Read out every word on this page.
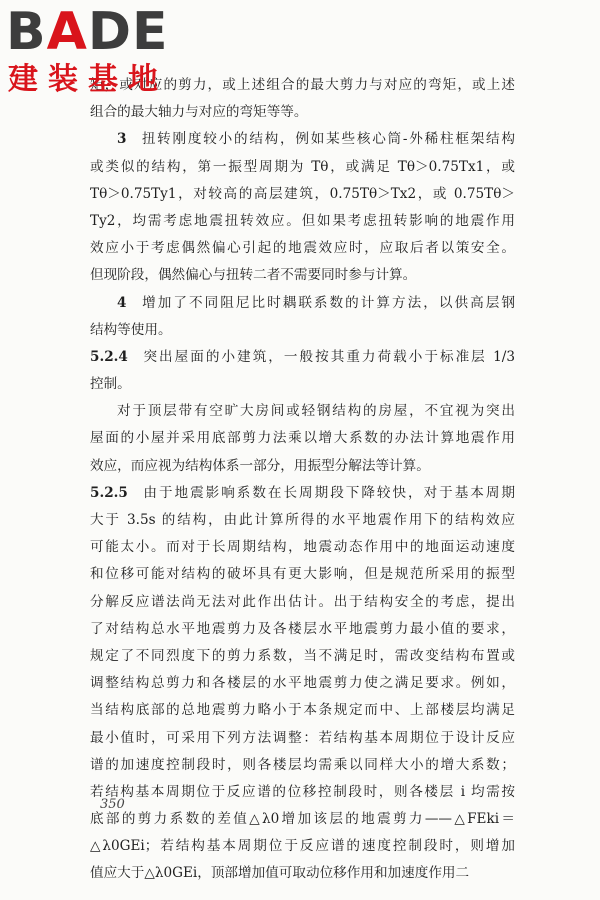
BADE
建装基地
矩，或对应的剪力，或上述组合的最大剪力与对应的弯矩，或上述
组合的最大轴力与对应的弯矩等等。
3  扭转刚度较小的结构，例如某些核心筒-外稀柱框架结构
或类似的结构，第一振型周期为 Tθ，或满足 Tθ＞0.75Tx1，或
Tθ＞0.75Ty1，对较高的高层建筑，0.75Tθ＞Tx2，或 0.75Tθ＞
Ty2，均需考虑地震扭转效应。但如果考虑扭转影响的地震作用
效应小于考虑偶然偏心引起的地震效应时，应取后者以策安全。
但现阶段，偶然偏心与扭转二者不需要同时参与计算。
4  增加了不同阻尼比时耦联系数的计算方法，以供高层钢
结构等使用。
5.2.4  突出屋面的小建筑，一般按其重力荷载小于标准层 1/3
控制。
对于顶层带有空旷大房间或轻钢结构的房屋，不宜视为突出
屋面的小屋并采用底部剪力法乘以增大系数的办法计算地震作用
效应，而应视为结构体系一部分，用振型分解法等计算。
5.2.5  由于地震影响系数在长周期段下降较快，对于基本周期
大于 3.5s 的结构，由此计算所得的水平地震作用下的结构效应
可能太小。而对于长周期结构，地震动态作用中的地面运动速度
和位移可能对结构的破坏具有更大影响，但是规范所采用的振型
分解反应谱法尚无法对此作出估计。出于结构安全的考虑，提出
了对结构总水平地震剪力及各楼层水平地震剪力最小值的要求，
规定了不同烈度下的剪力系数，当不满足时，需改变结构布置或
调整结构总剪力和各楼层的水平地震剪力使之满足要求。例如，
当结构底部的总地震剪力略小于本条规定而中、上部楼层均满足
最小值时，可采用下列方法调整：若结构基本周期位于设计反应
谱的加速度控制段时，则各楼层均需乘以同样大小的增大系数；
若结构基本周期位于反应谱的位移控制段时，则各楼层 i 均需按
底部的剪力系数的差值△λ0增加该层的地震剪力——△FEki＝
△λ0GEi；若结构基本周期位于反应谱的速度控制段时，则增加
值应大于△λ0GEi，顶部增加值可取动位移作用和加速度作用二
350
